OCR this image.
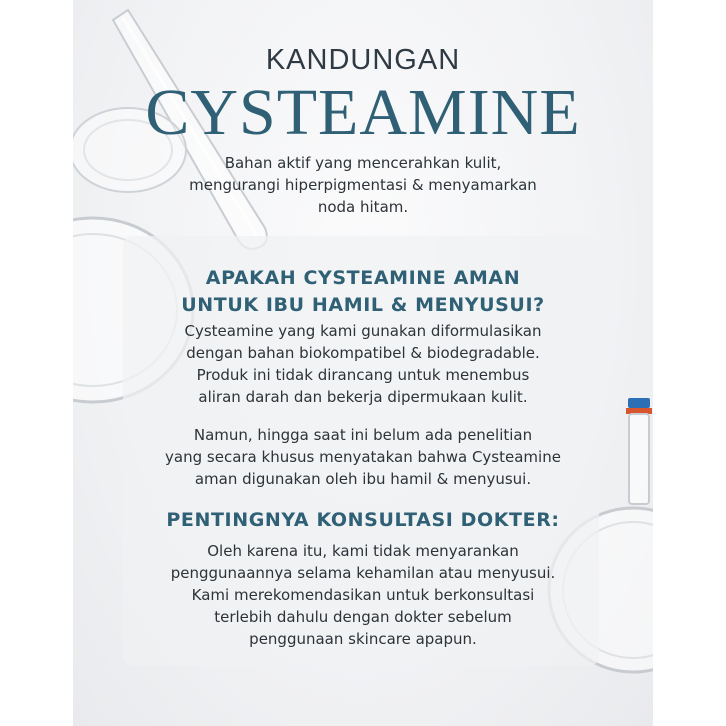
KANDUNGAN
CYSTEAMINE
Bahan aktif yang mencerahkan kulit,
mengurangi hiperpigmentasi & menyamarkan
noda hitam.
APAKAH CYSTEAMINE AMAN
UNTUK IBU HAMIL & MENYUSUI?
Cysteamine yang kami gunakan diformulasikan
dengan bahan biokompatibel & biodegradable.
Produk ini tidak dirancang untuk menembus
aliran darah dan bekerja dipermukaan kulit.
Namun, hingga saat ini belum ada penelitian
yang secara khusus menyatakan bahwa Cysteamine
aman digunakan oleh ibu hamil & menyusui.
PENTINGNYA KONSULTASI DOKTER:
Oleh karena itu, kami tidak menyarankan
penggunaannya selama kehamilan atau menyusui.
Kami merekomendasikan untuk berkonsultasi
terlebih dahulu dengan dokter sebelum
penggunaan skincare apapun.
